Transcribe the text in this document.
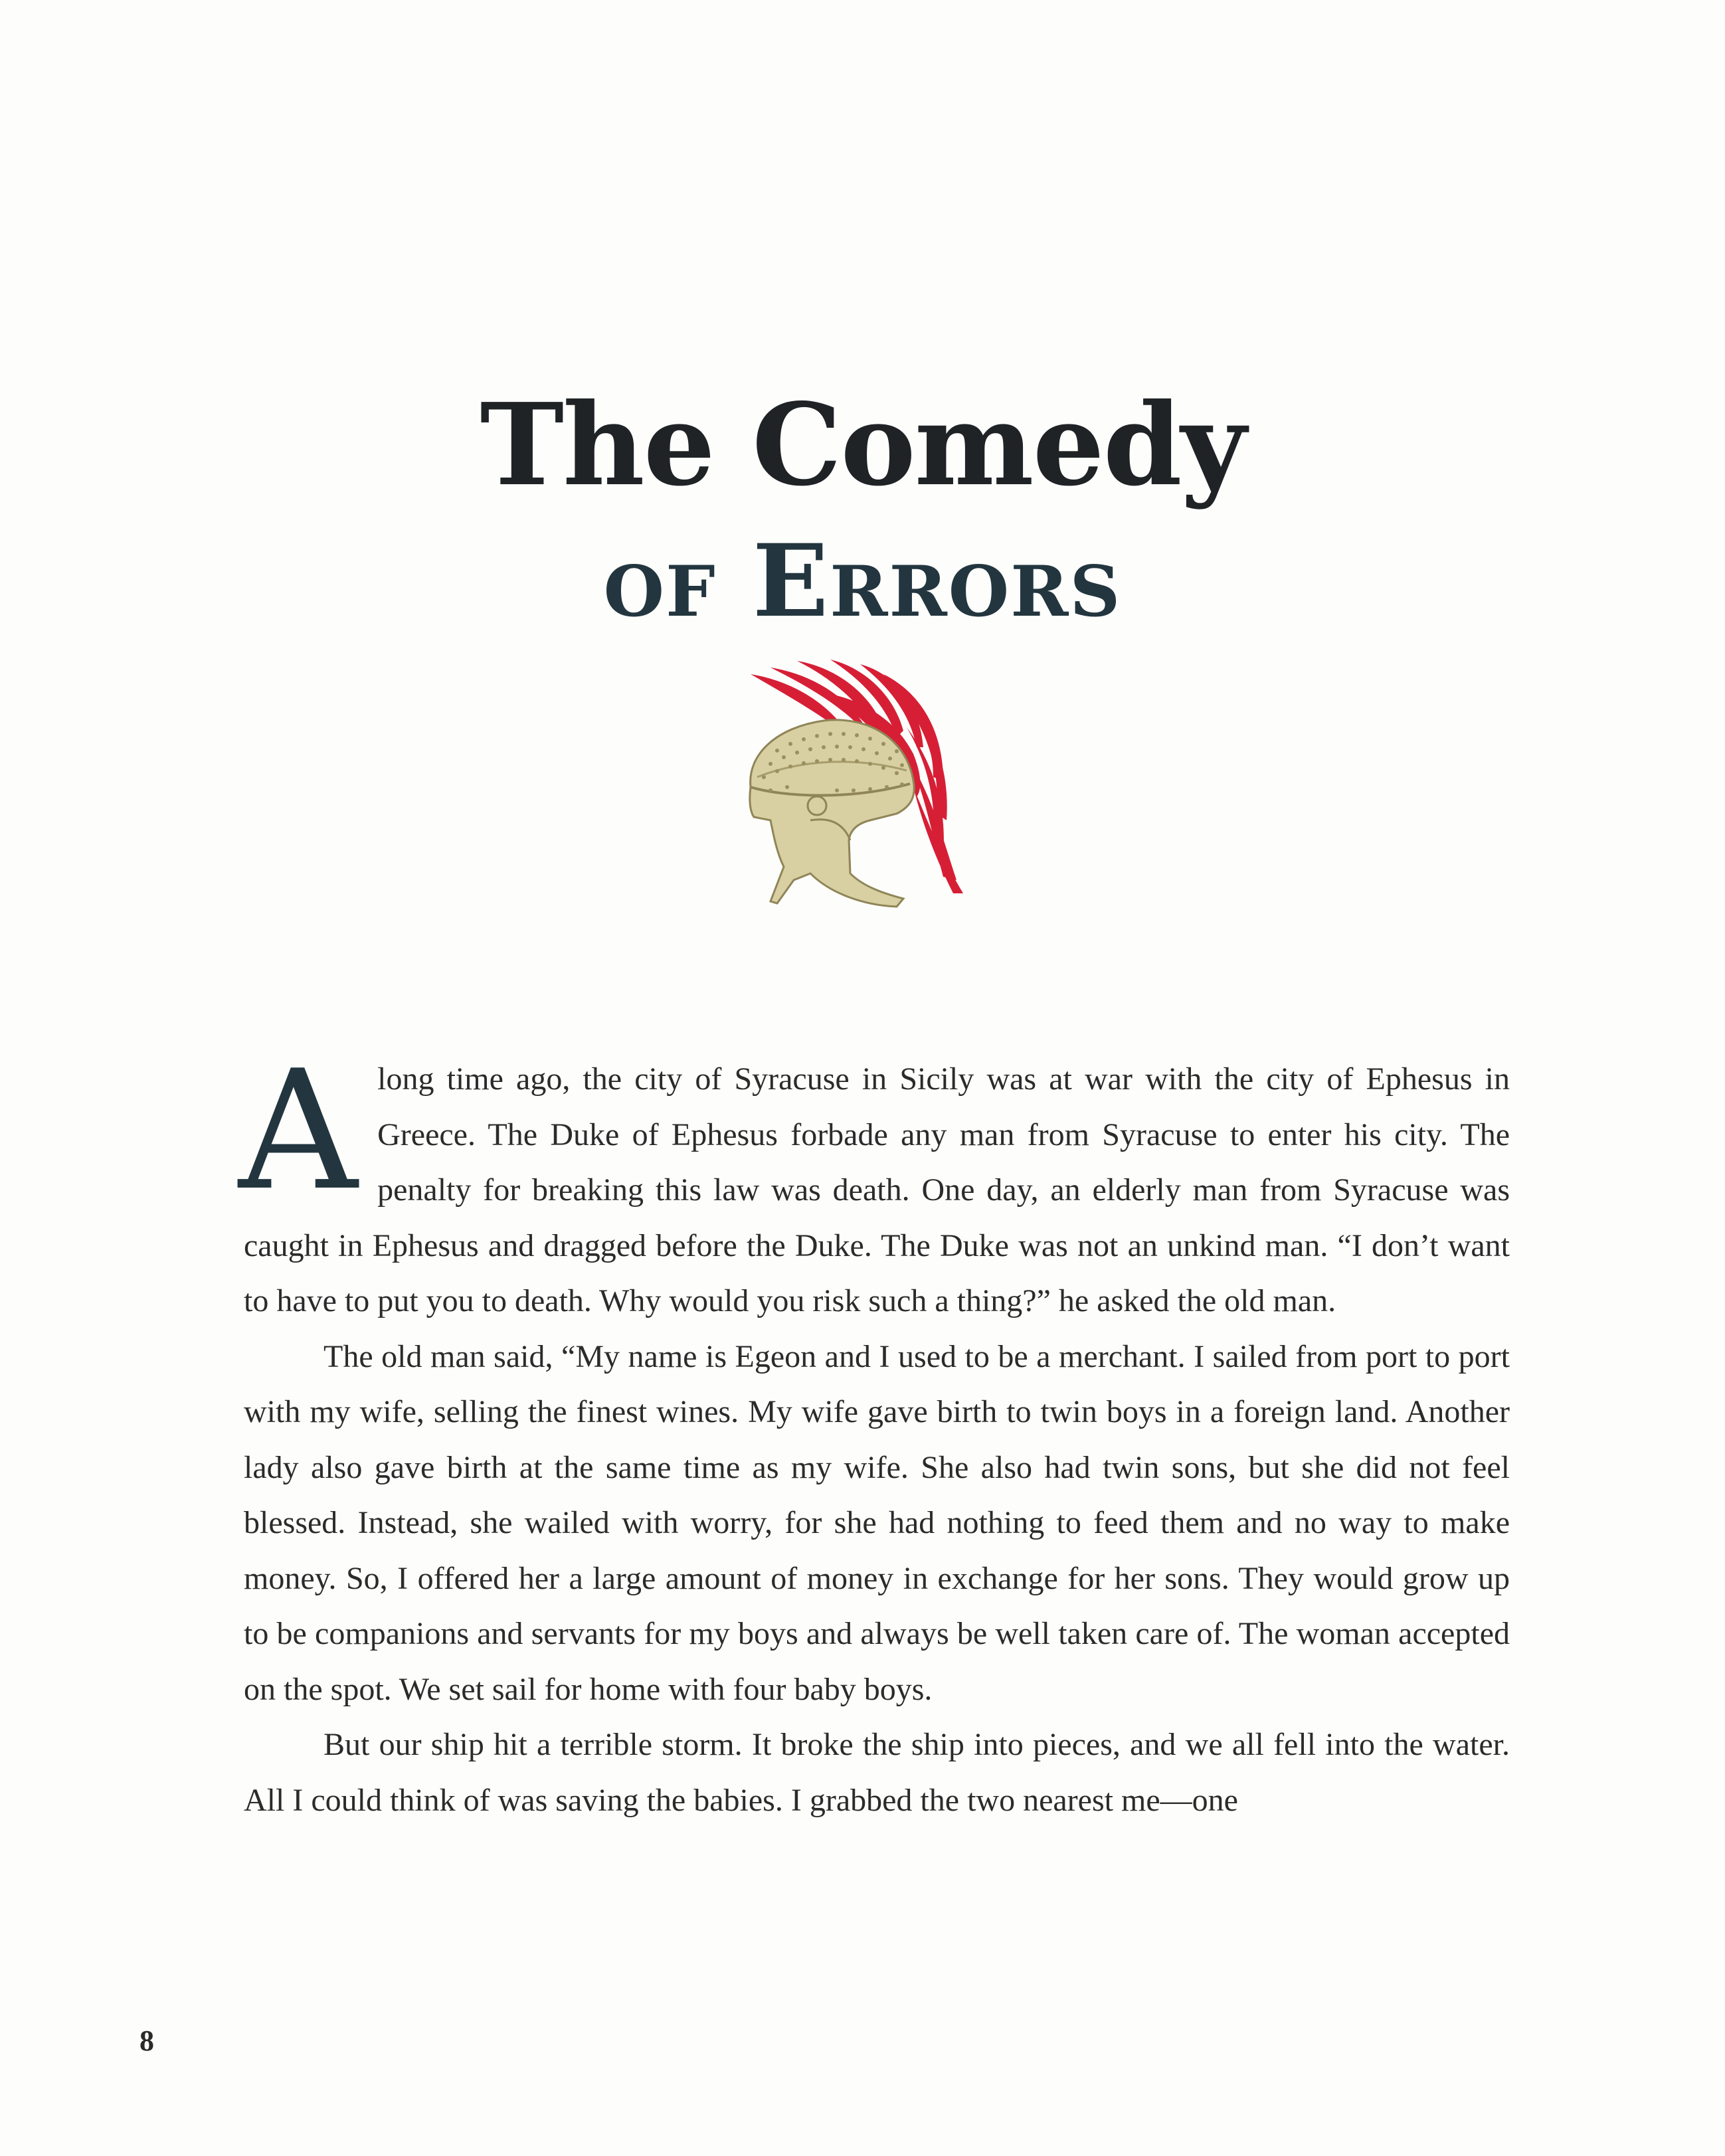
The Comedy
of Errors

A long time ago, the city of Syracuse in Sicily was at war with the city of Ephesus in Greece. The Duke of Ephesus forbade any man from Syracuse to enter his city. The penalty for breaking this law was death. One day, an elderly man from Syracuse was caught in Ephesus and dragged before the Duke. The Duke was not an unkind man. “I don’t want to have to put you to death. Why would you risk such a thing?” he asked the old man.

The old man said, “My name is Egeon and I used to be a merchant. I sailed from port to port with my wife, selling the finest wines. My wife gave birth to twin boys in a foreign land. Another lady also gave birth at the same time as my wife. She also had twin sons, but she did not feel blessed. Instead, she wailed with worry, for she had nothing to feed them and no way to make money. So, I offered her a large amount of money in exchange for her sons. They would grow up to be companions and servants for my boys and always be well taken care of. The woman accepted on the spot. We set sail for home with four baby boys.

But our ship hit a terrible storm. It broke the ship into pieces, and we all fell into the water. All I could think of was saving the babies. I grabbed the two nearest me—one

8
